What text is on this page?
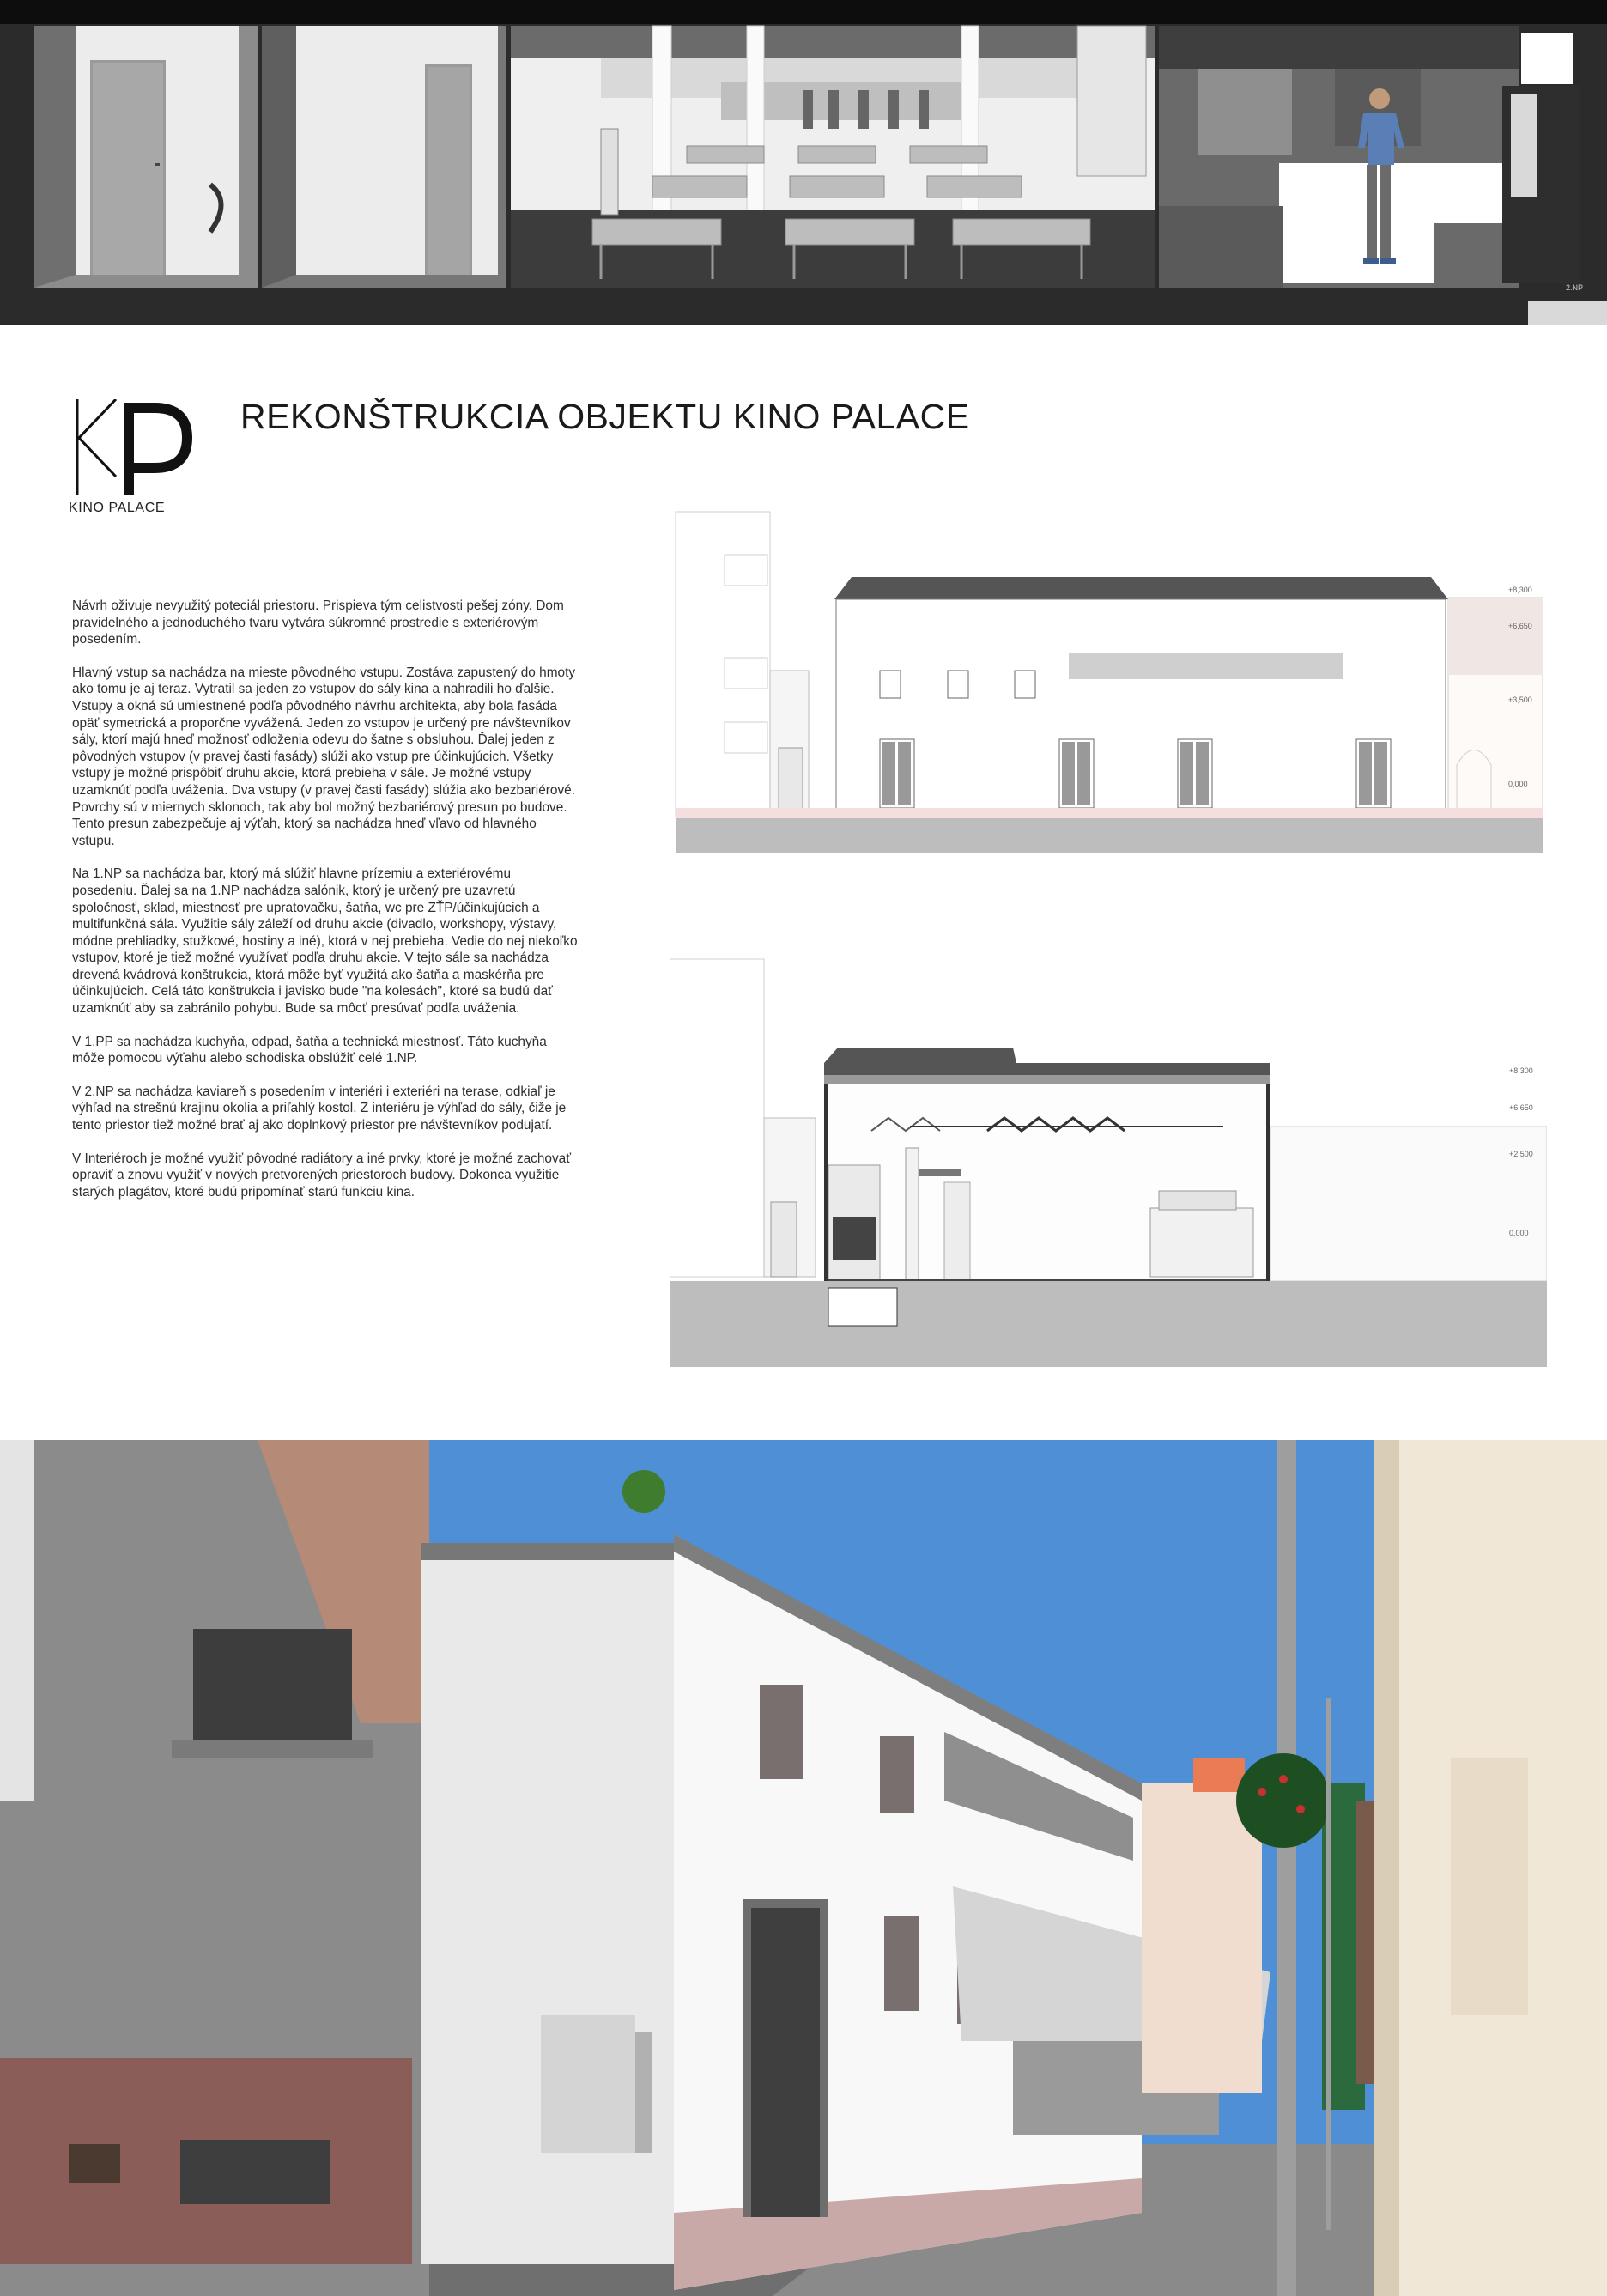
2.NP
KINO PALACE
REKONŠTRUKCIA OBJEKTU KINO PALACE

Návrh oživuje nevyužitý poteciál priestoru. Prispieva tým celistvosti pešej zóny. Dom pravidelného a jednoduchého tvaru vytvára súkromné prostredie s exteriérovým posedením.

Hlavný vstup sa nachádza na mieste pôvodného vstupu. Zostáva zapustený do hmoty ako tomu je aj teraz. Vytratil sa jeden zo vstupov do sály kina a nahradili ho ďalšie. Vstupy a okná sú umiestnené podľa pôvodného návrhu architekta, aby bola fasáda opäť symetrická a proporčne vyvážená. Jeden zo vstupov je určený pre návštevníkov sály, ktorí majú hneď možnosť odloženia odevu do šatne s obsluhou. Ďalej jeden z pôvodných vstupov (v pravej časti fasády) slúži ako vstup pre účinkujúcich. Všetky vstupy je možné prispôbiť druhu akcie, ktorá prebieha v sále. Je možné vstupy uzamknúť podľa uváženia. Dva vstupy (v pravej časti fasády) slúžia ako bezbariérové. Povrchy sú v miernych sklonoch, tak aby bol možný bezbariérový presun po budove. Tento presun zabezpečuje aj výťah, ktorý sa nachádza hneď vľavo od hlavného vstupu.

Na 1.NP sa nachádza bar, ktorý má slúžiť hlavne prízemiu a exteriérovému posedeniu. Ďalej sa na 1.NP nachádza salónik, ktorý je určený pre uzavretú spoločnosť, sklad, miestnosť pre upratovačku, šatňa, wc pre ZŤP/účinkujúcich a multifunkčná sála. Využitie sály záleží od druhu akcie (divadlo, workshopy, výstavy, módne prehliadky, stužkové, hostiny a iné), ktorá v nej prebieha. Vedie do nej niekoľko vstupov, ktoré je tiež možné využívať podľa druhu akcie. V tejto sále sa nachádza drevená kvádrová konštrukcia, ktorá môže byť využitá ako šatňa a maskérňa pre účinkujúcich. Celá táto konštrukcia i javisko bude "na kolesách", ktoré sa budú dať uzamknúť aby sa zabránilo pohybu. Bude sa môcť presúvať podľa uváženia.

V 1.PP sa nachádza kuchyňa, odpad, šatňa a technická miestnosť. Táto kuchyňa môže pomocou výťahu alebo schodiska obslúžiť celé 1.NP.

V 2.NP sa nachádza kaviareň s posedením v interiéri i exteriéri na terase, odkiaľ je výhľad na strešnú krajinu okolia a priľahlý kostol. Z interiéru je výhľad do sály, čiže je tento priestor tiež možné brať aj ako doplnkový priestor pre návštevníkov podujatí.

V Interiéroch je možné využiť pôvodné radiátory a iné prvky, ktoré je možné zachovať opraviť a znovu využiť v nových pretvorených priestoroch budovy. Dokonca využitie starých plagátov, ktoré budú pripomínať starú funkciu kina.

+8,300
+6,650
+3,500
0,000
+8,300
+6,650
+2,500
0,000
